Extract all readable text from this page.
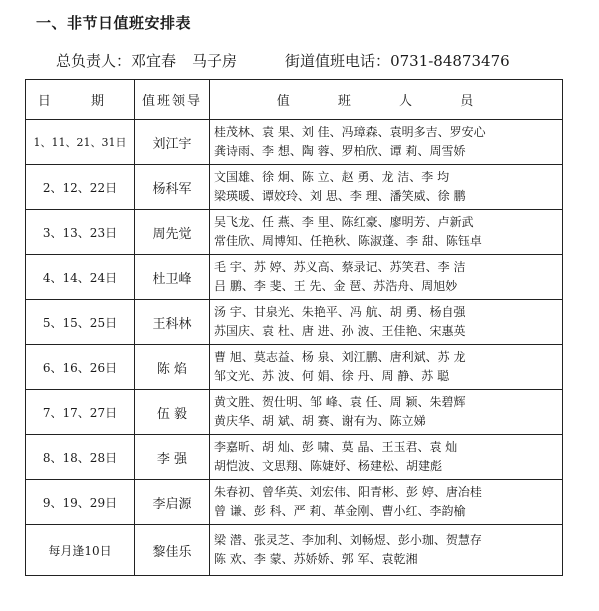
一、非节日值班安排表
总负责人：邓宜春 马子房	街道值班电话：0731-84873476
日 期	值班领导	值 班 人 员
1、11、21、31日	刘江宇	桂茂林、袁 果、刘 佳、冯璋森、袁明多吉、罗安心
龚诗雨、李 想、陶 蓉、罗柏欣、谭 莉、周雪娇

2、12、22日	杨科军	文国雄、徐 炯、陈 立、赵 勇、龙 洁、李 均
梁瑛暖、谭姣玲、刘 思、李 理、潘笑威、徐 鹏

3、13、23日	周先觉	吴飞龙、任 燕、李 里、陈红豪、廖明芳、卢新武
常佳欣、周博知、任艳秋、陈淑蓬、李 甜、陈钰卓

4、14、24日	杜卫峰	毛 宇、苏 婷、苏义高、蔡录记、苏笑君、李 洁
吕 鹏、李 斐、王 先、金 琶、苏浩舟、周旭妙

5、15、25日	王科林	汤 宇、甘泉光、朱艳平、冯 航、胡 勇、杨自强
苏国庆、袁 杜、唐 进、孙 波、王佳艳、宋惠英

6、16、26日	陈 焰	曹 旭、莫志益、杨 泉、刘江鹏、唐利斌、苏 龙
邹文光、苏 波、何 娟、徐 丹、周 静、苏 聪

7、17、27日	伍 毅	黄文胜、贺仕明、邹 峰、袁 任、周 颖、朱碧辉
黄庆华、胡 斌、胡 赛、谢有为、陈立娣

8、18、28日	李 强	李嘉昕、胡 灿、彭 啸、莫 晶、王玉君、袁 灿
胡恺波、文思翔、陈婕妤、杨建松、胡建彪

9、19、29日	李启源	朱春初、曾华英、刘宏伟、阳青彬、彭 婷、唐冶桂
曾 谦、彭 科、严 莉、革金刚、曹小红、李韵榆

每月逢10日	黎佳乐	梁 潜、张灵芝、李加利、刘畅煜、彭小珈、贺慧存
陈 欢、李 蒙、苏娇娇、郭 军、袁乾湘
